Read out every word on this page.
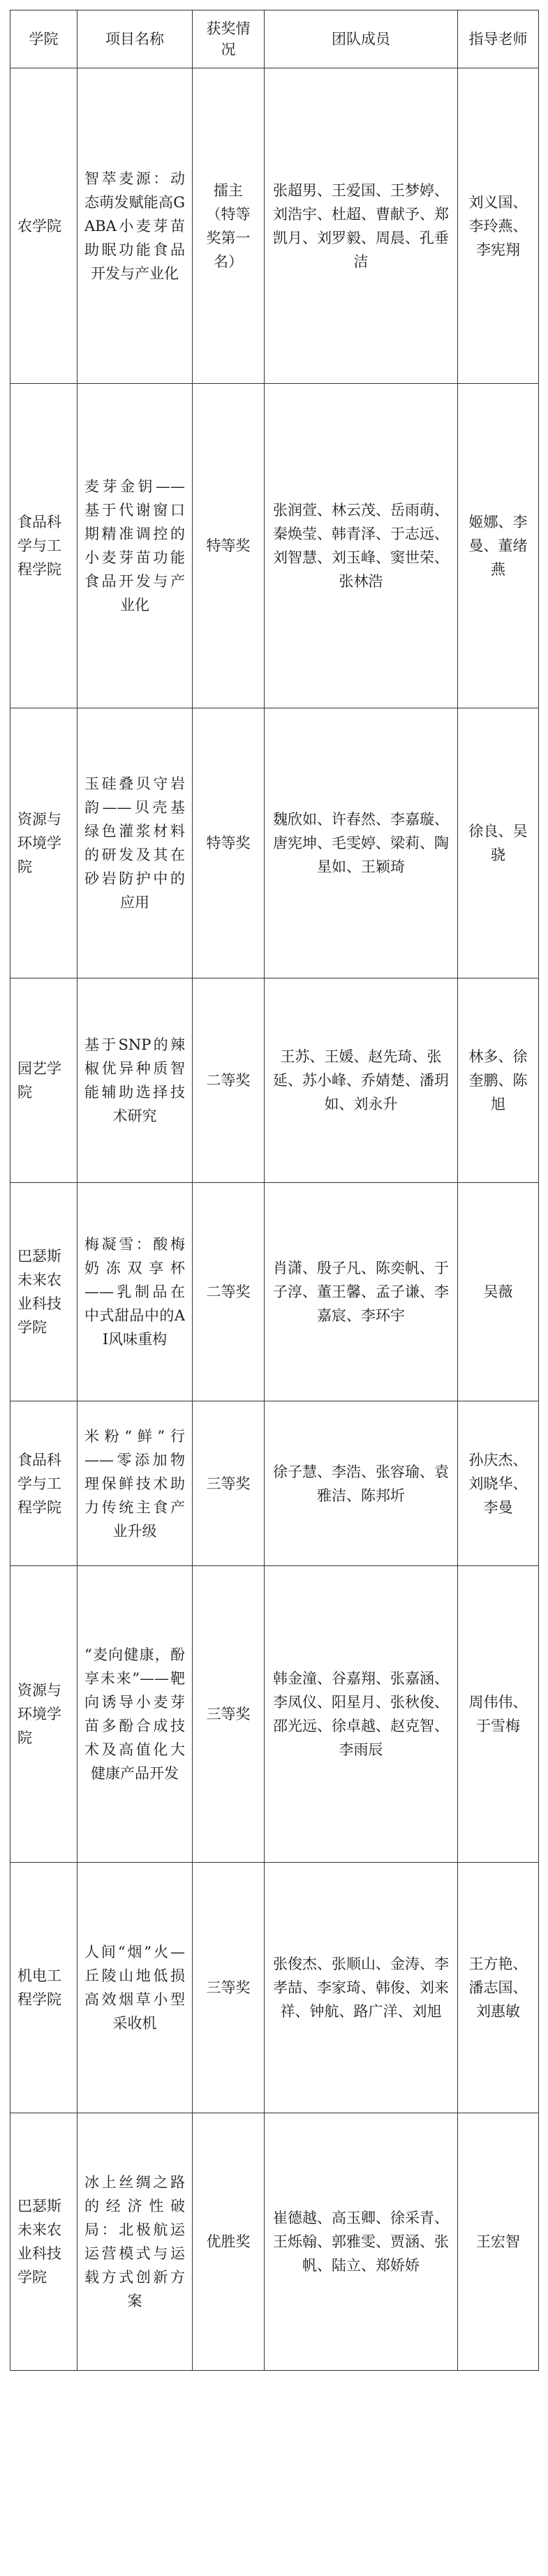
学院	项目名称	获奖情况	团队成员	指导老师
农学院	智萃麦源：动态萌发赋能高GABA小麦芽苗助眠功能食品开发与产业化	擂主（特等奖第一名）	张超男、王爱国、王梦婷、刘浩宇、杜超、曹献予、郑凯月、刘罗毅、周晨、孔垂洁	刘义国、李玲燕、李宪翔
食品科学与工程学院	麦芽金钥——基于代谢窗口期精准调控的小麦芽苗功能食品开发与产业化	特等奖	张润萱、林云茂、岳雨萌、秦焕莹、韩青泽、于志远、刘智慧、刘玉峰、窦世荣、张林浩	姬娜、李曼、董绪燕
资源与环境学院	玉硅叠贝守岩韵——贝壳基绿色灌浆材料的研发及其在砂岩防护中的应用	特等奖	魏欣如、许春然、李嘉璇、唐宪坤、毛雯婷、梁莉、陶星如、王颖琦	徐良、吴骁
园艺学院	基于SNP的辣椒优异种质智能辅助选择技术研究	二等奖	王苏、王媛、赵先琦、张延、苏小峰、乔婧楚、潘玥如、刘永升	林多、徐奎鹏、陈旭
巴瑟斯未来农业科技学院	梅凝雪：酸梅奶冻双享杯——乳制品在中式甜品中的AI风味重构	二等奖	肖潇、殷子凡、陈奕帆、于子淳、董王馨、孟子谦、李嘉宸、李环宇	吴薇
食品科学与工程学院	米粉“鲜”行——零添加物理保鲜技术助力传统主食产业升级	三等奖	徐子慧、李浩、张容瑜、袁雅洁、陈邦圻	孙庆杰、刘晓华、李曼
资源与环境学院	“麦向健康，酚享未来”——靶向诱导小麦芽苗多酚合成技术及高值化大健康产品开发	三等奖	韩金潼、谷嘉翔、张嘉涵、李凤仪、阳星月、张秋俊、邵光远、徐卓越、赵克智、李雨辰	周伟伟、于雪梅
机电工程学院	人间“烟”火—丘陵山地低损高效烟草小型采收机	三等奖	张俊杰、张顺山、金涛、李孝喆、李家琦、韩俊、刘来祥、钟航、路广洋、刘旭	王方艳、潘志国、刘惠敏
巴瑟斯未来农业科技学院	冰上丝绸之路的经济性破局：北极航运运营模式与运载方式创新方案	优胜奖	崔德越、高玉卿、徐采青、王烁翰、郭雅雯、贾涵、张帆、陆立、郑娇娇	王宏智
